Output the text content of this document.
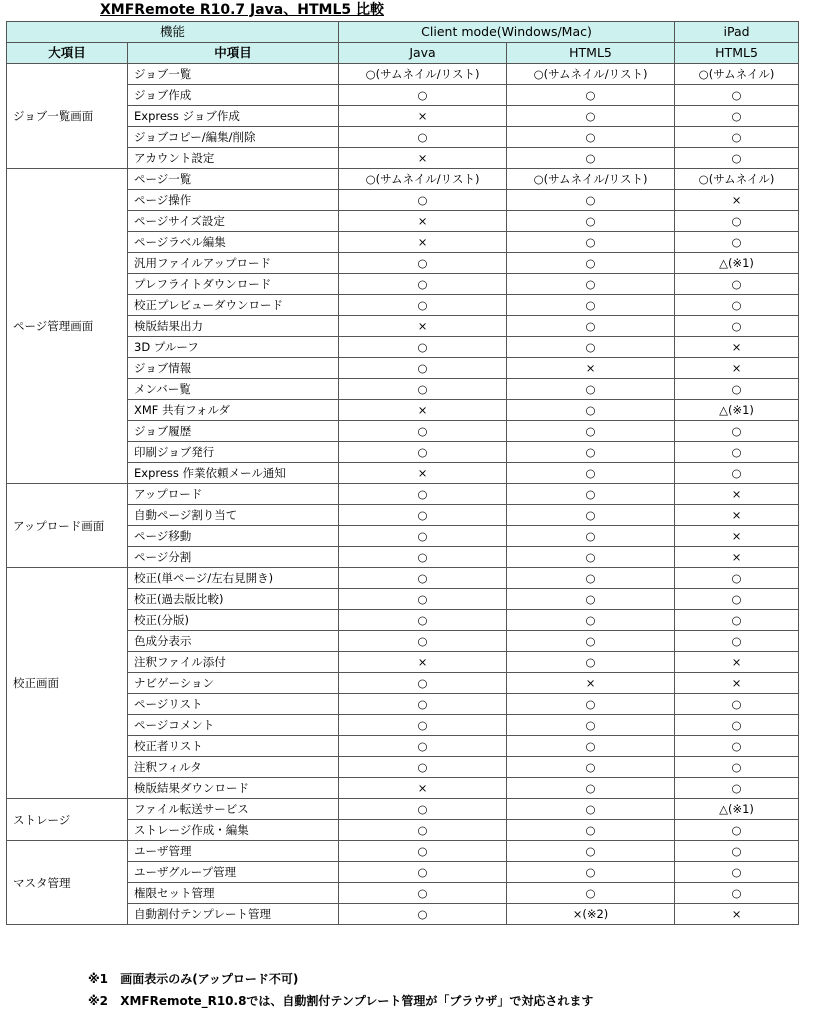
XMFRemote R10.7 Java、HTML5 比較
機能		Client mode(Windows/Mac)		iPad
大項目	中項目	Java	HTML5	HTML5
ジョブ一覧画面	ジョブ一覧	○(サムネイル/リスト)	○(サムネイル/リスト)	○(サムネイル)
	ジョブ作成	○	○	○
	Express ジョブ作成	×	○	○
	ジョブコピー/編集/削除	○	○	○
	アカウント設定	×	○	○
ページ管理画面	ページ一覧	○(サムネイル/リスト)	○(サムネイル/リスト)	○(サムネイル)
	ページ操作	○	○	×
	ページサイズ設定	×	○	○
	ページラベル編集	×	○	○
	汎用ファイルアップロード	○	○	△(※1)
	プレフライトダウンロード	○	○	○
	校正プレビューダウンロード	○	○	○
	検版結果出力	×	○	○
	3D プルーフ	○	○	×
	ジョブ情報	○	×	×
	メンバー覧	○	○	○
	XMF 共有フォルダ	×	○	△(※1)
	ジョブ履歴	○	○	○
	印刷ジョブ発行	○	○	○
	Express 作業依頼メール通知	×	○	○
アップロード画面	アップロード	○	○	×
	自動ページ割り当て	○	○	×
	ページ移動	○	○	×
	ページ分割	○	○	×
校正画面	校正(単ページ/左右見開き)	○	○	○
	校正(過去版比較)	○	○	○
	校正(分版)	○	○	○
	色成分表示	○	○	○
	注釈ファイル添付	×	○	×
	ナビゲーション	○	×	×
	ページリスト	○	○	○
	ページコメント	○	○	○
	校正者リスト	○	○	○
	注釈フィルタ	○	○	○
	検版結果ダウンロード	×	○	○
ストレージ	ファイル転送サービス	○	○	△(※1)
	ストレージ作成・編集	○	○	○
マスタ管理	ユーザ管理	○	○	○
	ユーザグループ管理	○	○	○
	権限セット管理	○	○	○
	自動割付テンプレート管理	○	×(※2)	×
※1 画面表示のみ(アップロード不可)
※2 XMFRemote_R10.8では、自動割付テンプレート管理が「ブラウザ」で対応されます
